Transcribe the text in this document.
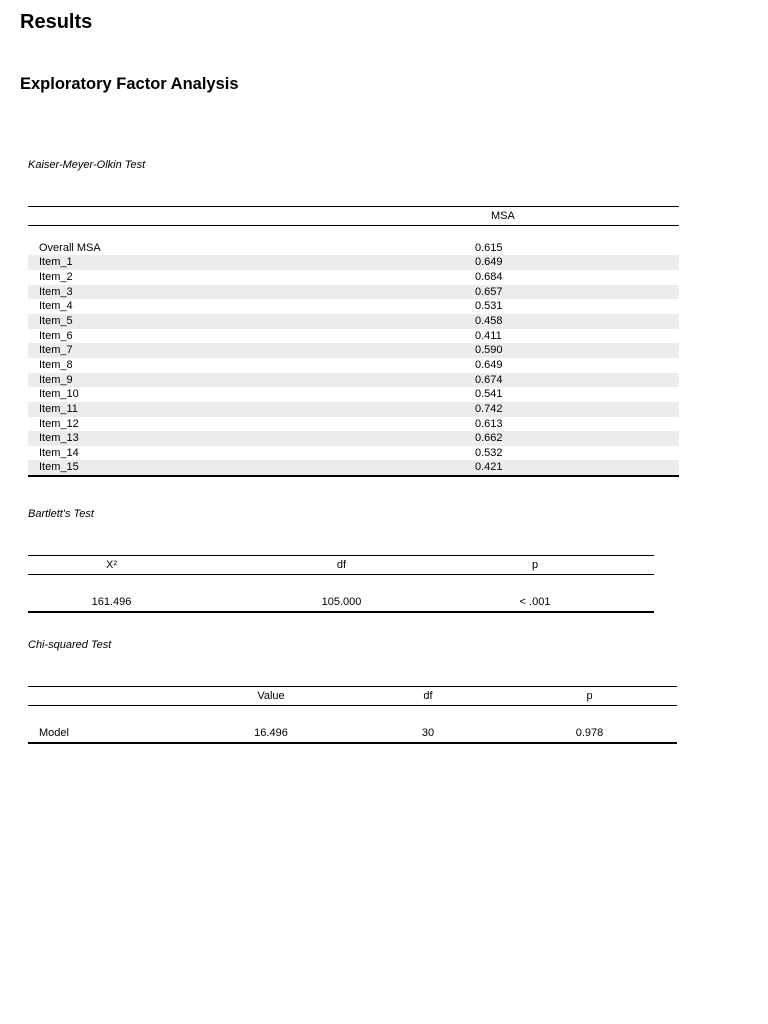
Results
Exploratory Factor Analysis
Kaiser-Meyer-Olkin Test
	MSA

Overall MSA	0.615
Item_1	0.649
Item_2	0.684
Item_3	0.657
Item_4	0.531
Item_5	0.458
Item_6	0.411
Item_7	0.590
Item_8	0.649
Item_9	0.674
Item_10	0.541
Item_11	0.742
Item_12	0.613
Item_13	0.662
Item_14	0.532
Item_15	0.421
Bartlett's Test
X²	df	p

161.496	105.000	< .001
Chi-squared Test
	Value	df	p

Model	16.496	30	0.978
